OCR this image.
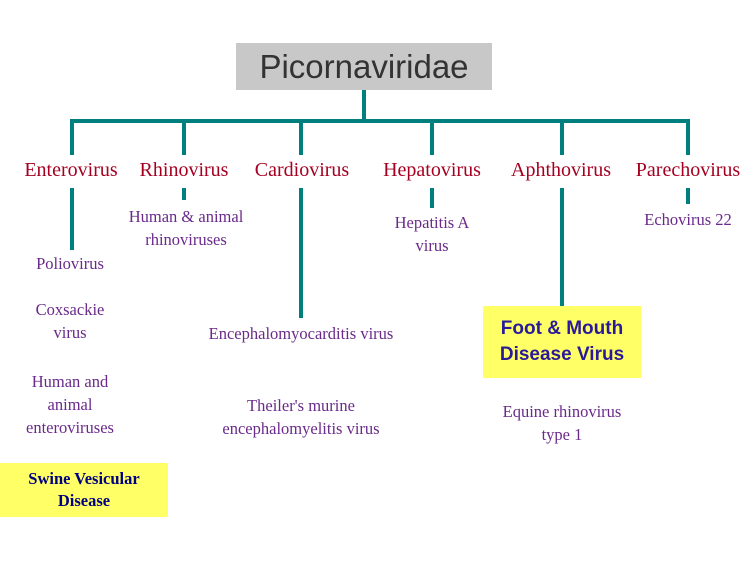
Picornaviridae
Enterovirus	Rhinovirus	Cardiovirus	Hepatovirus	Aphthovirus	Parechovirus
Poliovirus
Coxsackie virus
Human and animal enteroviruses
Human & animal rhinoviruses
Encephalomyocarditis virus
Theiler's murine encephalomyelitis virus
Hepatitis A virus
Foot & Mouth Disease Virus
Equine rhinovirus type 1
Echovirus 22
Swine Vesicular Disease
